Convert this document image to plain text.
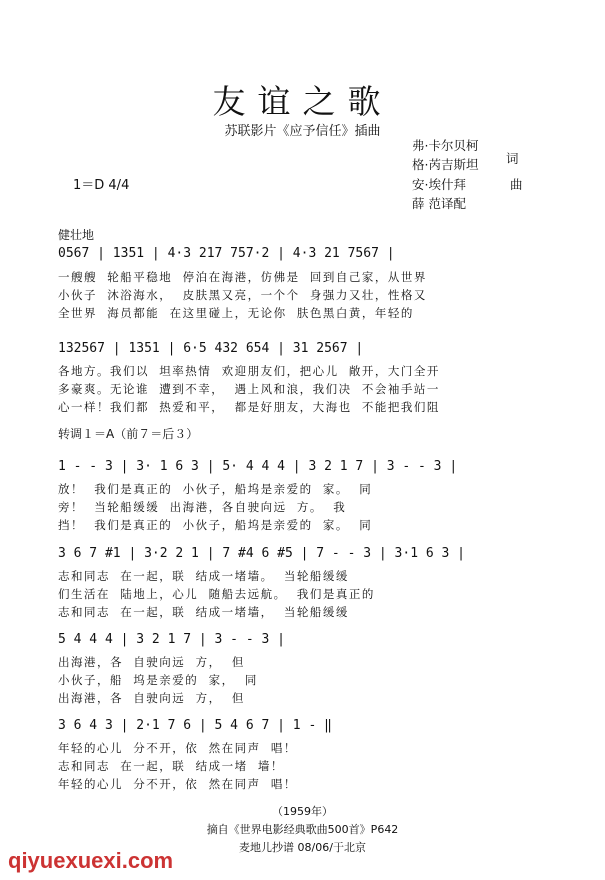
友谊之歌
苏联影片《应予信任》插曲
弗·卡尔贝柯
格·芮吉斯坦
安·埃什拜
薛 范译配
词
曲
1＝D 4/4
健壮地
0567 | 1351 | 4·3 217 757·2 | 4·3 21 7567 |
一艘艘  轮船平稳地  停泊在海港，仿佛是  回到自己家，从世界
小伙子  沐浴海水，  皮肤黑又亮，一个个  身强力又壮，性格又
全世界  海员都能  在这里碰上，无论你  肤色黑白黄，年轻的
132567 | 1351 | 6·5 432 654 | 31 2567 |
各地方。我们以  坦率热情  欢迎朋友们，把心儿  敞开，大门全开
多豪爽。无论谁  遭到不幸，  遇上风和浪，我们决  不会袖手站一
心一样！我们都  热爱和平，  都是好朋友，大海也  不能把我们阻
转调１＝A（前７＝后３）
1 - - 3 | 3· 1 6 3 | 5· 4 4 4 | 3 2 1 7 | 3 - - 3 |
放！  我们是真正的  小伙子，船坞是亲爱的  家。  同
旁！  当轮船缓缓  出海港，各自驶向远  方。  我
挡！  我们是真正的  小伙子，船坞是亲爱的  家。  同
3 6 7 #1 | 3·2 2 1 | 7 #4 6 #5 | 7 - - 3 | 3·1 6 3 |
志和同志  在一起，联  结成一堵墙。  当轮船缓缓
们生活在  陆地上，心儿  随船去远航。  我们是真正的
志和同志  在一起，联  结成一堵墙，  当轮船缓缓
5 4 4 4 | 3 2 1 7 | 3 - - 3 |
出海港，各  自驶向远  方，  但
小伙子，船  坞是亲爱的  家，  同
出海港，各  自驶向远  方，  但
3 6 4 3 | 2·1 7 6 | 5 4 6 7 | 1 - ‖
年轻的心儿  分不开，依  然在同声  唱！
志和同志  在一起，联  结成一堵  墙！
年轻的心儿  分不开，依  然在同声  唱！
（1959年）
摘自《世界电影经典歌曲500首》P642
麦地儿抄谱 08/06/于北京
qiyuexuexi.com
